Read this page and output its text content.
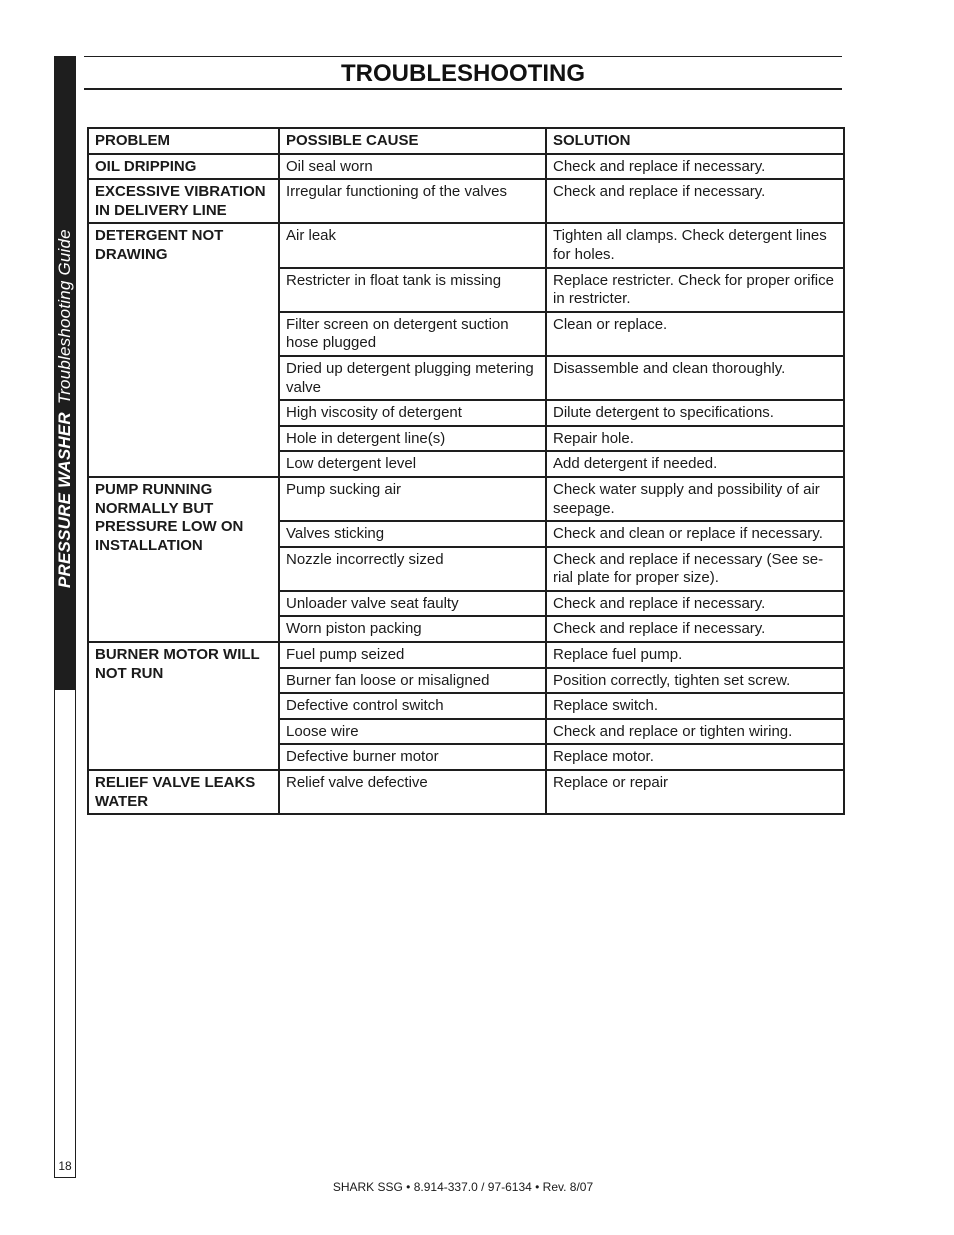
PRESSURE WASHERTroubleshooting Guide
18
TROUBLESHOOTING
PROBLEM	POSSIBLE CAUSE	SOLUTION
OIL DRIPPING	Oil seal worn	Check and replace if necessary.
EXCESSIVE VIBRATION IN DELIVERY LINE	Irregular functioning of the valves	Check and replace if necessary.
DETERGENT NOT DRAWING	Air leak	Tighten all clamps. Check detergent lines for holes.
	Restricter in float tank is missing	Replace restricter. Check for proper orifice in restricter.
	Filter screen on detergent suction hose plugged	Clean or replace.
	Dried up detergent plugging metering valve	Disassemble and clean thoroughly.
	High viscosity of detergent	Dilute detergent to specifications.
	Hole in detergent line(s)	Repair hole.
	Low detergent level	Add detergent if needed.
PUMP RUNNING NORMALLY BUT PRESSURE LOW ON INSTALLATION	Pump sucking air	Check water supply and possibility of air seepage.
	Valves sticking	Check and clean or replace if necessary.
	Nozzle incorrectly sized	Check and replace if necessary (See se-rial plate for proper size).
	Unloader valve seat faulty	Check and replace if necessary.
	Worn piston packing	Check and replace if necessary.
BURNER MOTOR WILL NOT RUN	Fuel pump seized	Replace fuel pump.
	Burner fan loose or misaligned	Position correctly, tighten set screw.
	Defective control switch	Replace switch.
	Loose wire	Check and replace or tighten wiring.
	Defective burner motor	Replace motor.
RELIEF VALVE LEAKS WATER	Relief valve defective	Replace or repair
SHARK SSG • 8.914-337.0 / 97-6134 • Rev. 8/07
